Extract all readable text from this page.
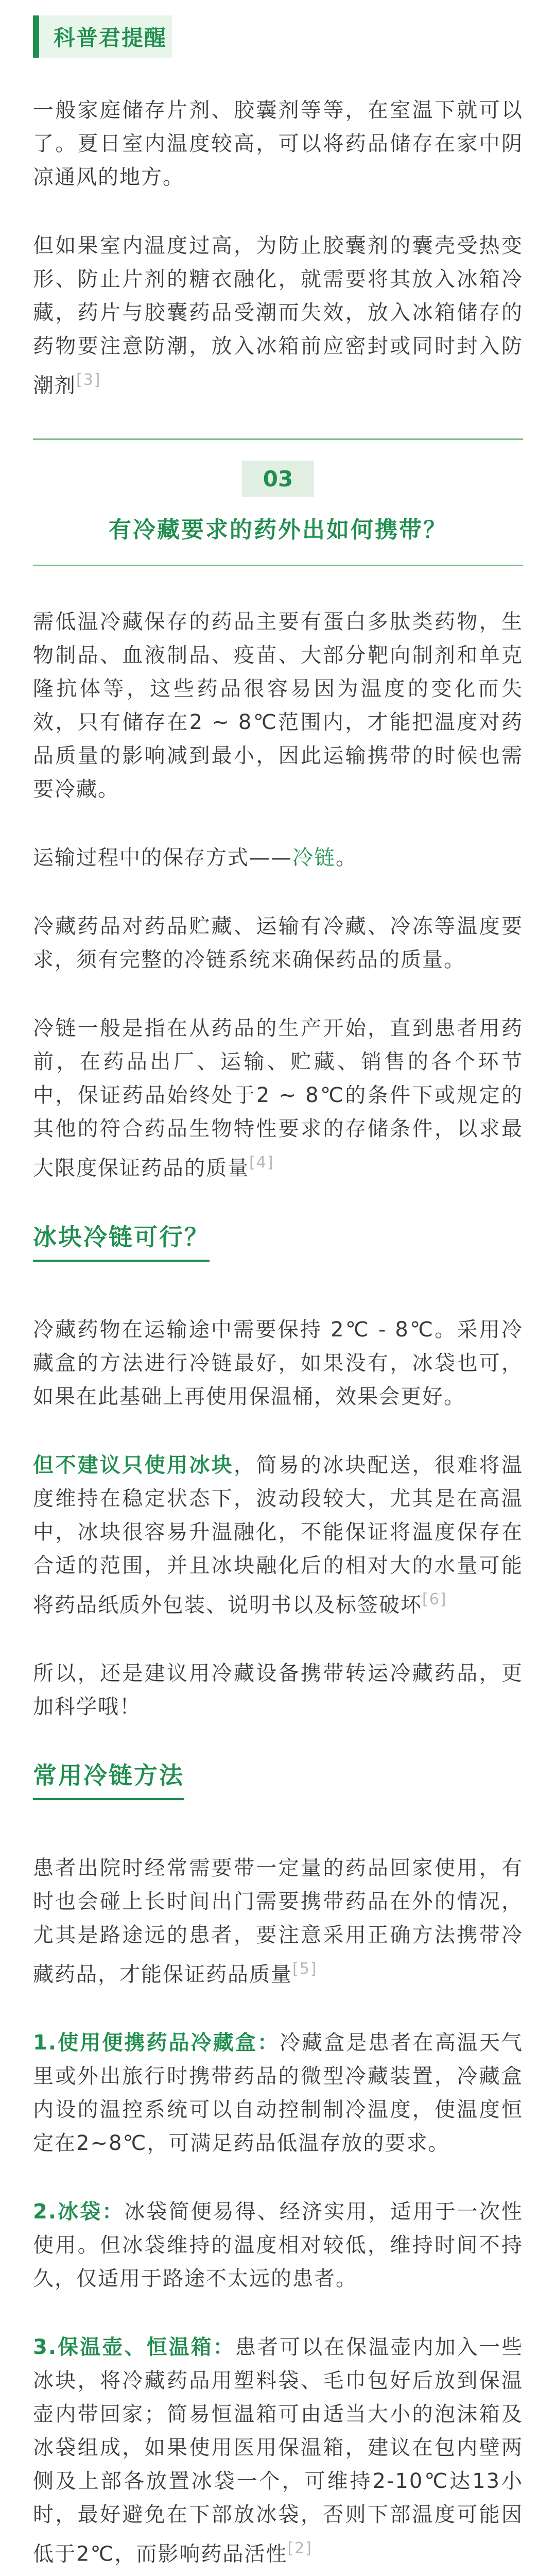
科普君提醒

一般家庭储存片剂、胶囊剂等等，在室温下就可以了。夏日室内温度较高，可以将药品储存在家中阴凉通风的地方。

但如果室内温度过高，为防止胶囊剂的囊壳受热变形、防止片剂的糖衣融化，就需要将其放入冰箱冷藏，药片与胶囊药品受潮而失效，放入冰箱储存的药物要注意防潮，放入冰箱前应密封或同时封入防潮剂[3]

03
有冷藏要求的药外出如何携带？

需低温冷藏保存的药品主要有蛋白多肽类药物，生物制品、血液制品、疫苗、大部分靶向制剂和单克隆抗体等，这些药品很容易因为温度的变化而失效，只有储存在2 ~ 8℃范围内，才能把温度对药品质量的影响减到最小，因此运输携带的时候也需要冷藏。

运输过程中的保存方式——冷链。

冷藏药品对药品贮藏、运输有冷藏、冷冻等温度要求，须有完整的冷链系统来确保药品的质量。

冷链一般是指在从药品的生产开始，直到患者用药前，在药品出厂、运输、贮藏、销售的各个环节中，保证药品始终处于2 ~ 8℃的条件下或规定的其他的符合药品生物特性要求的存储条件，以求最大限度保证药品的质量[4]

冰块冷链可行？

冷藏药物在运输途中需要保持 2℃ - 8℃。采用冷藏盒的方法进行冷链最好，如果没有，冰袋也可，如果在此基础上再使用保温桶，效果会更好。

但不建议只使用冰块，简易的冰块配送，很难将温度维持在稳定状态下，波动段较大，尤其是在高温中，冰块很容易升温融化，不能保证将温度保存在合适的范围，并且冰块融化后的相对大的水量可能将药品纸质外包装、说明书以及标签破坏[6]

所以，还是建议用冷藏设备携带转运冷藏药品，更加科学哦！

常用冷链方法

患者出院时经常需要带一定量的药品回家使用，有时也会碰上长时间出门需要携带药品在外的情况，尤其是路途远的患者，要注意采用正确方法携带冷藏药品，才能保证药品质量[5]

1.使用便携药品冷藏盒：冷藏盒是患者在高温天气里或外出旅行时携带药品的微型冷藏装置，冷藏盒内设的温控系统可以自动控制制冷温度，使温度恒定在2~8℃，可满足药品低温存放的要求。

2.冰袋：冰袋简便易得、经济实用，适用于一次性使用。但冰袋维持的温度相对较低，维持时间不持久，仅适用于路途不太远的患者。

3.保温壶、恒温箱：患者可以在保温壶内加入一些冰块，将冷藏药品用塑料袋、毛巾包好后放到保温壶内带回家；简易恒温箱可由适当大小的泡沫箱及冰袋组成，如果使用医用保温箱，建议在包内壁两侧及上部各放置冰袋一个，可维持2-10℃达13小时，最好避免在下部放冰袋，否则下部温度可能因低于2℃，而影响药品活性[2]
